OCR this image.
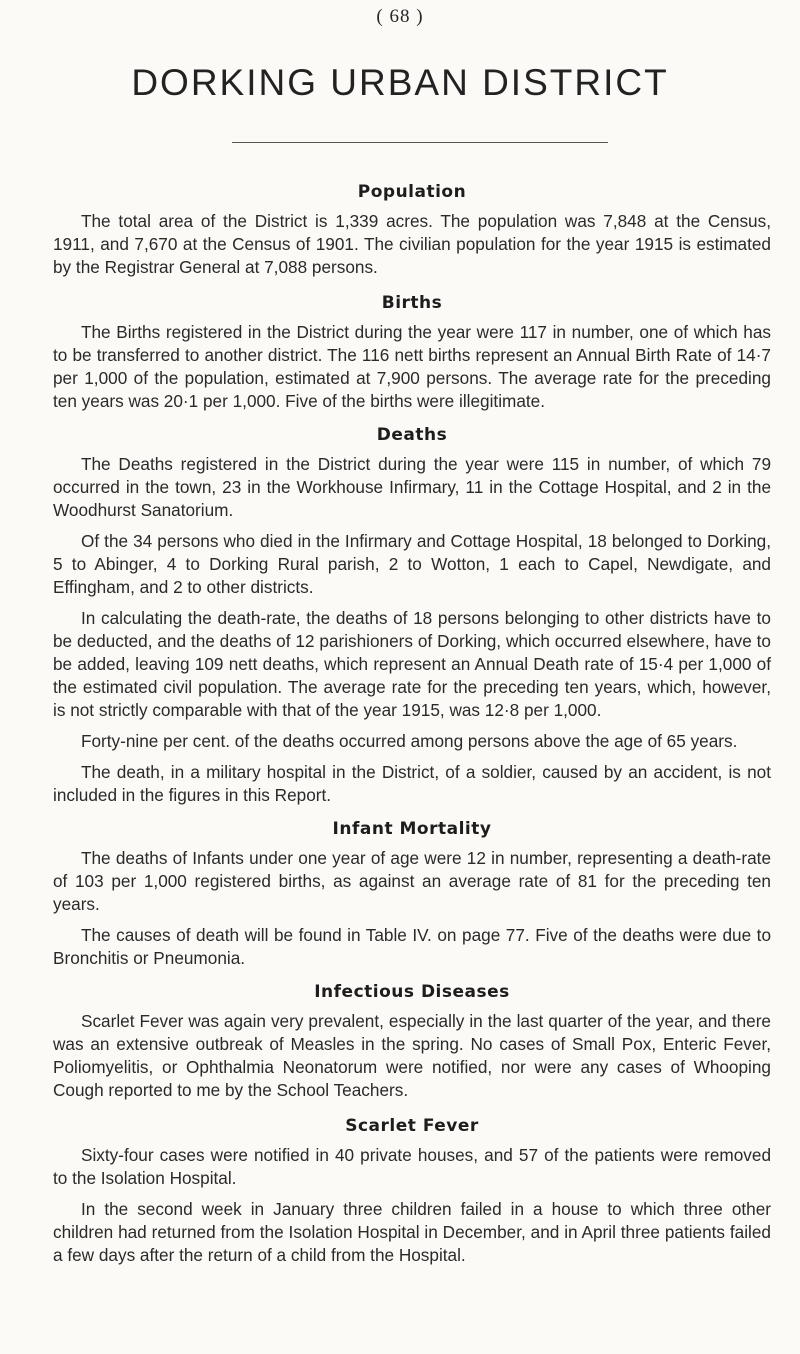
( 68 )
DORKING URBAN DISTRICT
Population

The total area of the District is 1,339 acres. The population was 7,848 at the Census, 1911, and 7,670 at the Census of 1901. The civilian population for the year 1915 is estimated by the Registrar General at 7,088 persons.

Births

The Births registered in the District during the year were 117 in number, one of which has to be transferred to another district. The 116 nett births represent an Annual Birth Rate of 14·7 per 1,000 of the population, estimated at 7,900 persons. The average rate for the preceding ten years was 20·1 per 1,000. Five of the births were illegitimate.

Deaths

The Deaths registered in the District during the year were 115 in number, of which 79 occurred in the town, 23 in the Workhouse Infirmary, 11 in the Cottage Hospital, and 2 in the Woodhurst Sanatorium.

Of the 34 persons who died in the Infirmary and Cottage Hospital, 18 belonged to Dorking, 5 to Abinger, 4 to Dorking Rural parish, 2 to Wotton, 1 each to Capel, Newdigate, and Effingham, and 2 to other districts.

In calculating the death-rate, the deaths of 18 persons belonging to other districts have to be deducted, and the deaths of 12 parishioners of Dorking, which occurred elsewhere, have to be added, leaving 109 nett deaths, which represent an Annual Death rate of 15·4 per 1,000 of the estimated civil population. The average rate for the preceding ten years, which, however, is not strictly comparable with that of the year 1915, was 12·8 per 1,000.

Forty-nine per cent. of the deaths occurred among persons above the age of 65 years.

The death, in a military hospital in the District, of a soldier, caused by an accident, is not included in the figures in this Report.

Infant Mortality

The deaths of Infants under one year of age were 12 in number, representing a death-rate of 103 per 1,000 registered births, as against an average rate of 81 for the preceding ten years.

The causes of death will be found in Table IV. on page 77. Five of the deaths were due to Bronchitis or Pneumonia.

Infectious Diseases

Scarlet Fever was again very prevalent, especially in the last quarter of the year, and there was an extensive outbreak of Measles in the spring. No cases of Small Pox, Enteric Fever, Poliomyelitis, or Ophthalmia Neonatorum were notified, nor were any cases of Whooping Cough reported to me by the School Teachers.

Scarlet Fever

Sixty-four cases were notified in 40 private houses, and 57 of the patients were removed to the Isolation Hospital.

In the second week in January three children failed in a house to which three other children had returned from the Isolation Hospital in December, and in April three patients failed a few days after the return of a child from the Hospital.
